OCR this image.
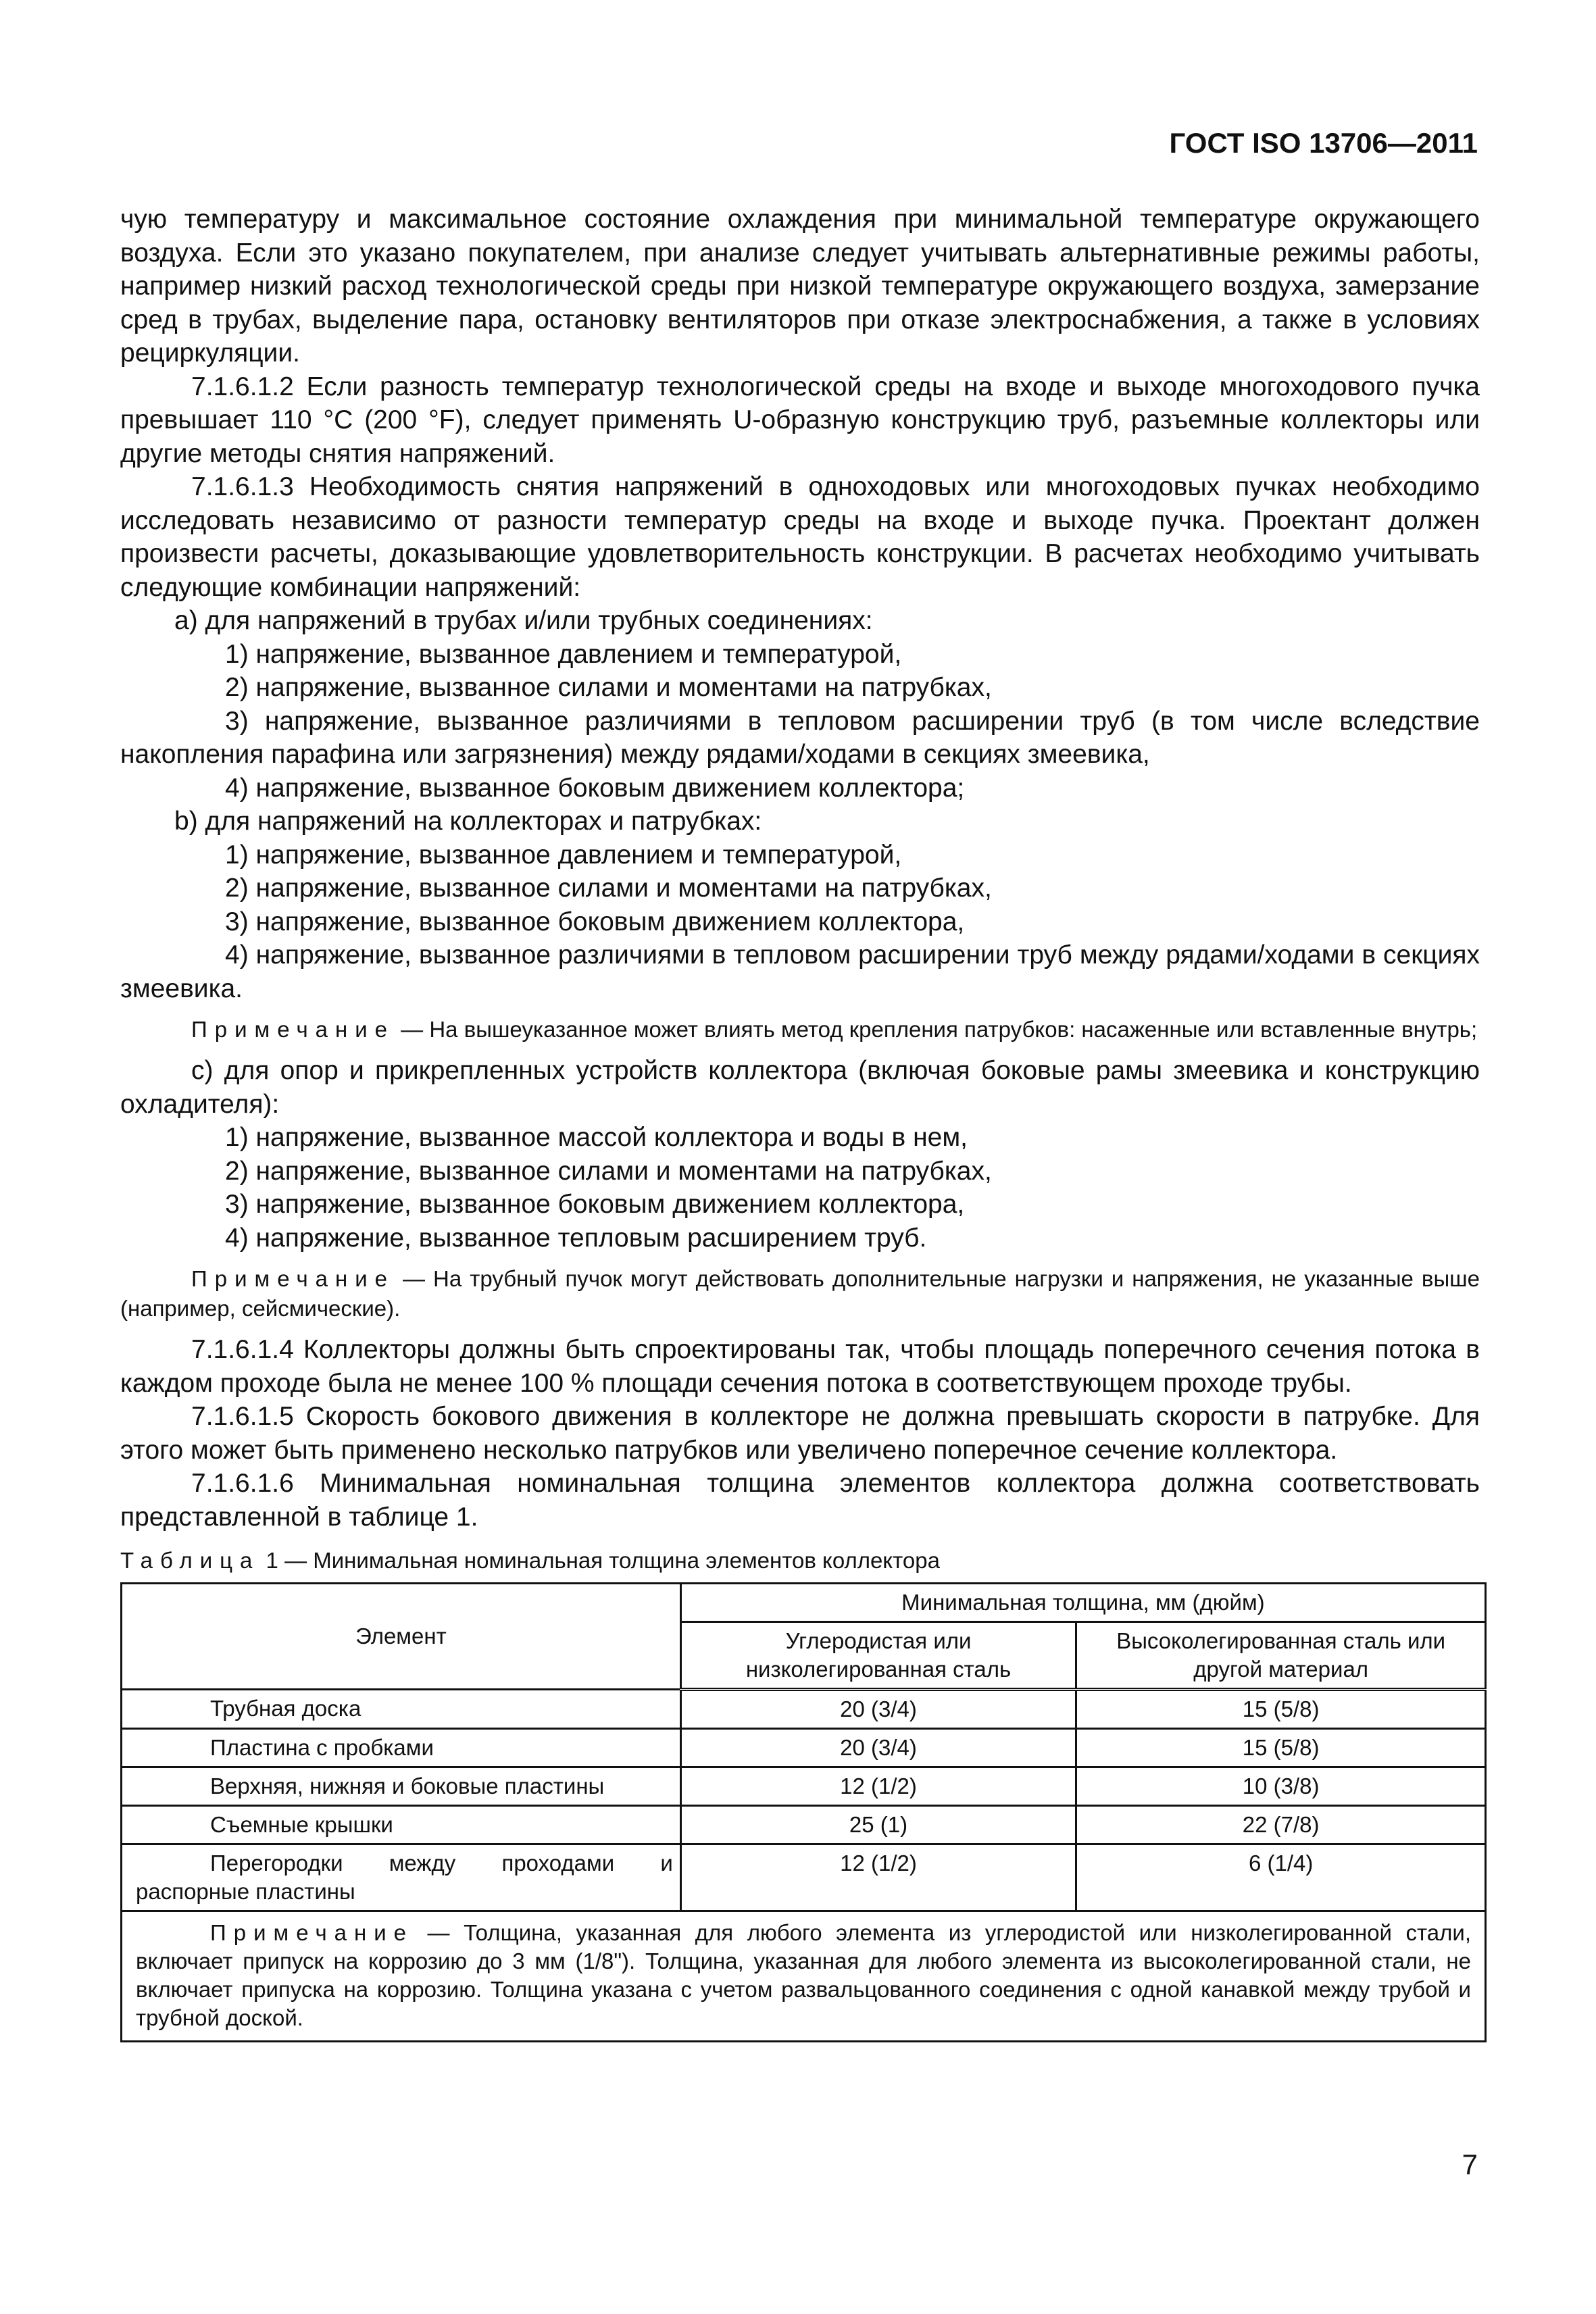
ГОСТ ISO 13706—2011

чую температуру и максимальное состояние охлаждения при минимальной температуре окружающего воздуха. Если это указано покупателем, при анализе следует учитывать альтернативные режимы работы, например низкий расход технологической среды при низкой температуре окружающего воздуха, замерзание сред в трубах, выделение пара, остановку вентиляторов при отказе электроснабжения, а также в условиях рециркуляции.

7.1.6.1.2 Если разность температур технологической среды на входе и выходе многоходового пучка превышает 110 °С (200 °F), следует применять U-образную конструкцию труб, разъемные коллекторы или другие методы снятия напряжений.

7.1.6.1.3 Необходимость снятия напряжений в одноходовых или многоходовых пучках необходимо исследовать независимо от разности температур среды на входе и выходе пучка. Проектант должен произвести расчеты, доказывающие удовлетворительность конструкции. В расчетах необходимо учитывать следующие комбинации напряжений:

a) для напряжений в трубах и/или трубных соединениях:

1) напряжение, вызванное давлением и температурой,

2) напряжение, вызванное силами и моментами на патрубках,

3) напряжение, вызванное различиями в тепловом расширении труб (в том числе вследствие накопления парафина или загрязнения) между рядами/ходами в секциях змеевика,

4) напряжение, вызванное боковым движением коллектора;

b) для напряжений на коллекторах и патрубках:

1) напряжение, вызванное давлением и температурой,

2) напряжение, вызванное силами и моментами на патрубках,

3) напряжение, вызванное боковым движением коллектора,

4) напряжение, вызванное различиями в тепловом расширении труб между рядами/ходами в секциях змеевика.

Примечание — На вышеуказанное может влиять метод крепления патрубков: насаженные или вставленные внутрь;

c) для опор и прикрепленных устройств коллектора (включая боковые рамы змеевика и конструкцию охладителя):

1) напряжение, вызванное массой коллектора и воды в нем,

2) напряжение, вызванное силами и моментами на патрубках,

3) напряжение, вызванное боковым движением коллектора,

4) напряжение, вызванное тепловым расширением труб.

Примечание — На трубный пучок могут действовать дополнительные нагрузки и напряжения, не указанные выше (например, сейсмические).

7.1.6.1.4 Коллекторы должны быть спроектированы так, чтобы площадь поперечного сечения потока в каждом проходе была не менее 100 % площади сечения потока в соответствующем проходе трубы.

7.1.6.1.5 Скорость бокового движения в коллекторе не должна превышать скорости в патрубке. Для этого может быть применено несколько патрубков или увеличено поперечное сечение коллектора.

7.1.6.1.6 Минимальная номинальная толщина элементов коллектора должна соответствовать представленной в таблице 1.

Таблица 1 — Минимальная номинальная толщина элементов коллектора

Элемент	Минимальная толщина, мм (дюйм)	
	Углеродистая или низколегированная сталь	Высоколегированная сталь или другой материал
Трубная доска	20 (3/4)	15 (5/8)
Пластина с пробками	20 (3/4)	15 (5/8)
Верхняя, нижняя и боковые пластины	12 (1/2)	10 (3/8)
Съемные крышки	25 (1)	22 (7/8)
Перегородки между проходами и распорные пластины	12 (1/2)	6 (1/4)
Примечание — Толщина, указанная для любого элемента из углеродистой или низколегированной стали, включает припуск на коррозию до 3 мм (1/8"). Толщина, указанная для любого элемента из высоколегированной стали, не включает припуска на коррозию. Толщина указана с учетом развальцованного соединения с одной канавкой между трубой и трубной доской.		
7
